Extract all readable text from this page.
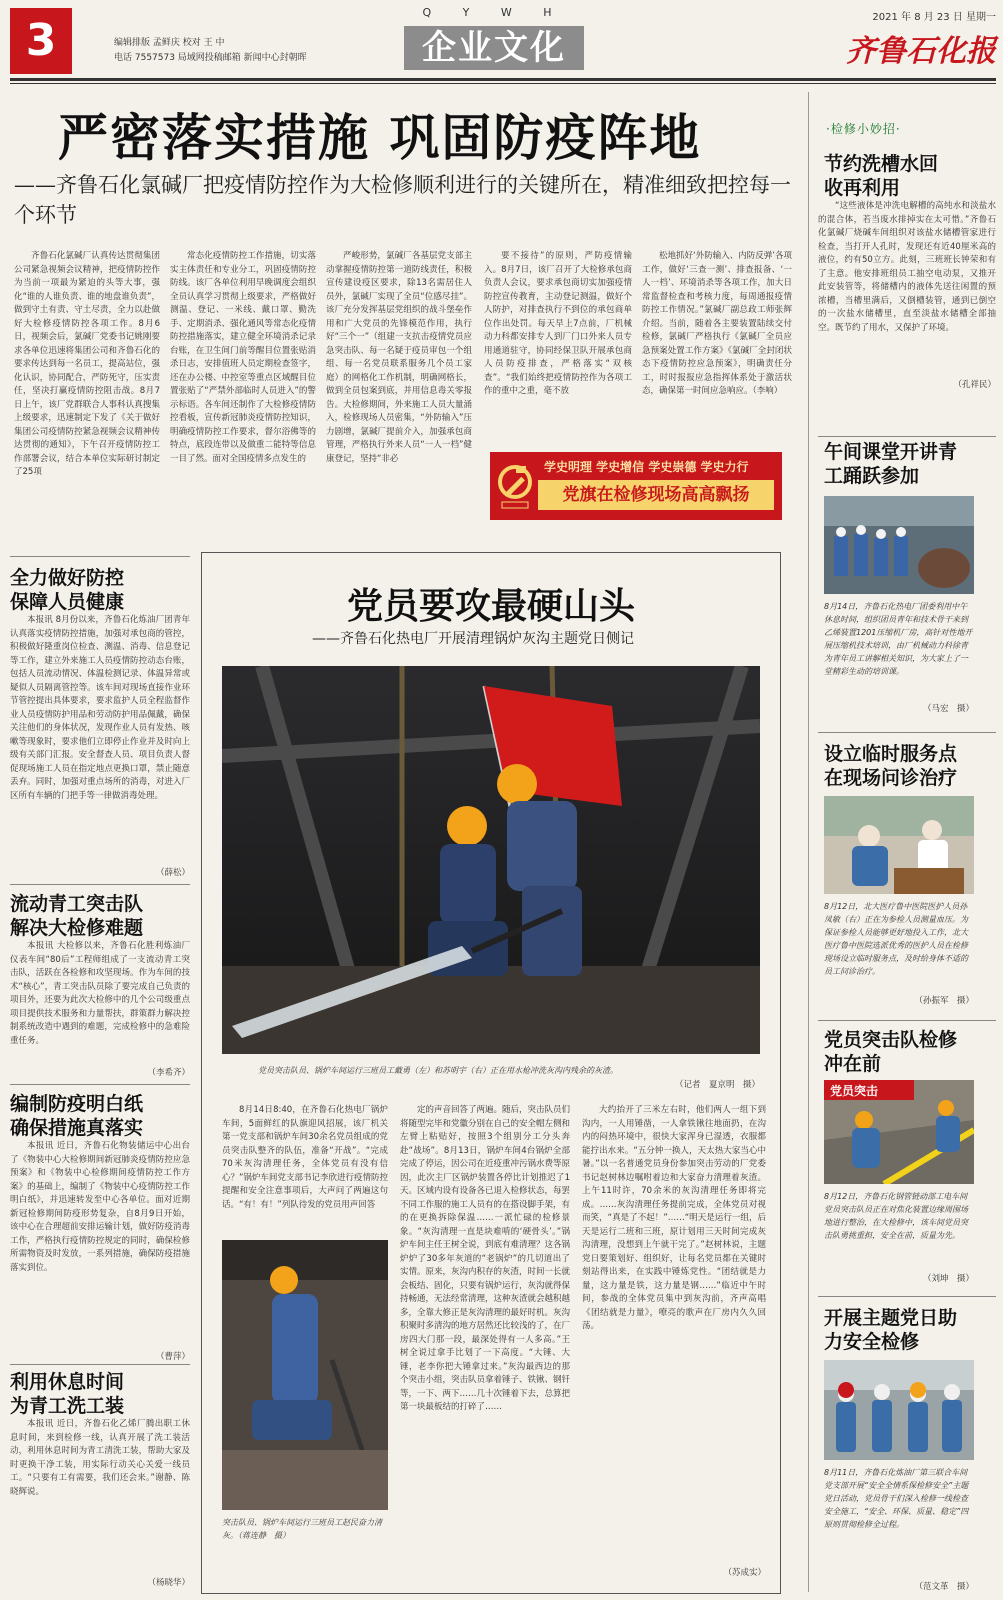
3	编辑排版 孟鲜庆 校对 王 中
电话 7557573 局域网投稿邮箱 新闻中心封朝晖
Q Y W H
企业文化
2021 年 8 月 23 日 星期一
齐鲁石化报
严密落实措施 巩固防疫阵地
——齐鲁石化氯碱厂把疫情防控作为大检修顺利进行的关键所在，精准细致把控每一个环节

齐鲁石化氯碱厂认真传达贯彻集团公司紧急视频会议精神，把疫情防控作为当前一项最为紧迫的头等大事，强化“谁的人谁负责、谁的地盘谁负责”，做到守土有责、守土尽责，全力以赴做好大检修疫情防控各项工作。8月6日，视频会后，氯碱厂党委书记姚刚要求各单位迅速将集团公司和齐鲁石化的要求传达到每一名员工，提高站位，强化认识，协同配合，严防死守，压实责任，坚决打赢疫情防控阻击战。8月7日上午，该厂党群联合人事科认真搜集上级要求，迅速制定下发了《关于做好集团公司疫情防控紧急视频会议精神传达贯彻的通知》，下午召开疫情防控工作部署会议，结合本单位实际研讨制定了25项

常态化疫情防控工作措施，切实落实主体责任和专业分工，巩固疫情防控防线。该厂各单位利用早晚调度会组织全员认真学习贯彻上级要求，严格做好测温、登记、一米线、戴口罩、勤洗手、定期消杀、强化通风等常态化疫情防控措施落实，建立健全环境消杀记录台账，在卫生间门前等醒目位置张贴消杀日志，安排值班人员定期检查签字，还在办公楼、中控室等重点区域醒目位置张贴了“严禁外部临时人员进入”的警示标语。各车间还制作了大检修疫情防控看板，宣传新冠肺炎疫情防控知识，明确疫情防控工作要求，督尔浴佛等的特点，底段连带以及做重二能特等信息一目了然。面对全国疫情多点发生的

严峻形势，氯碱厂各基层党支部主动掌握疫情防控第一道防线责任，积极宣传建设疫区要求，除13名需居住人员外，氯碱厂实现了全员“位感尽挂”。该厂充分发挥基层党组织的战斗堡垒作用和广大党员的先锋模范作用，执行好“三个一”（组建一支抗击疫情党员应急突击队、每一名疑于疫员审包一个组组、每一名党员联系服务几个员工家庭）的网格化工作机制，明确网格长，做到全员包案到底，并用信息毒关零报告。大检修期间，外来施工人员大量涌入，检修现场人员密集，“外防输入”压力剧增，氯碱厂提前介入，加强承包商管理，严格执行外来人员“一人一档”健康登记，坚持“非必

要不接待”的原则，严防疫情输入。8月7日，该厂召开了大检修承包商负责人会议，要求承包商切实加强疫情防控宣传教育，主动登记测温，做好个人防护，对排查执行不到位的承包商单位作出处罚。每天早上7点前，厂机械动力科都安排专人到厂门口外来人员专用通道驻守，协同经保卫队开展承包商人员防疫排查，严格落实“双核查”。“我们始终把疫情防控作为各项工作的重中之重，毫不放

松地抓好‘外防输入、内防反弹’各项工作，做好‘三查一测’、排查报备、‘一人一档’、环境消杀等各项工作，加大日常监督检查和考核力度，每周通报疫情防控工作情况。”氯碱厂副总政工师张辉介绍。当前，随着各主要装置陆续交付检修，氯碱厂严格执行《氯碱厂全员应急预案处置工作方案》《氯碱厂全封闭状态下疫情防控应急预案》，明确责任分工，时时报报应急指挥体系处于激活状态，确保第一时间应急响应。（李响）

学史明理 学史增信 学史崇德 学史力行
党旗在检修现场高高飘扬
全力做好防控保障人员健康

本报讯 8月份以来，齐鲁石化炼油厂团青年认真落实疫情防控措施，加强对承包商的管控，积极做好隆重岗位检查、测温、消毒、信息登记等工作，建立外来施工人员疫情防控动态台账，包括人员流动情况、体温检测记录、体温异常或疑似人员隔离管控等。该车间对现场直接作业环节管控提出具体要求，要求监护人员全程监督作业人员疫情防护用品和劳动防护用品佩戴，确保关注他们的身体状况，发现作业人员有发热、咳嗽等现象时，要求他们立即停止作业并及时向上级有关部门汇报。安全督查人员、项目负责人督促现场施工人员在指定地点更换口罩，禁止随意丢弃。同时，加强对重点场所的消毒，对进入厂区所有车辆的门把手等一律做消毒处理。

（薛松）
流动青工突击队解决大检修难题

本报讯 大检修以来，齐鲁石化胜利炼油厂仪表车间“80后”工程师组成了一支流动青工突击队，活跃在各检修和攻坚现场。作为车间的技术“核心”，青工突击队员除了要完成自己负责的项目外，还要为此次大检修中的几个公司级重点项目提供技术服务和力量帮扶，群策群力解决控制系统改造中遇到的难题，完成检修中的急难险重任务。

（李希齐）
编制防疫明白纸确保措施真落实

本报讯 近日，齐鲁石化物装储运中心出台了《物装中心大检修期间新冠肺炎疫情防控应急预案》和《物装中心检修期间疫情防控工作方案》的基础上，编制了《物装中心疫情防控工作明白纸》，并迅速转发至中心各单位。面对近期新冠检修期间防疫形势复杂，自8月9日开始，该中心在合理超前安排运输计划，做好防疫消毒工作，严格执行疫情防控规定的同时，确保检修所需物资及时发放，一系列措施，确保防疫措施落实到位。

（曹萍）
利用休息时间为青工洗工装

本报讯 近日，齐鲁石化乙烯厂腾出职工休息时间，来到检修一线，认真开展了洗工装活动，利用休息时间为青工清洗工装，帮助大家及时更换干净工装，用实际行动关心关爱一线员工。“只要有工有需要，我们还会来。”谢静、陈晓辉说。

（杨晓华）
党员要攻最硬山头
——齐鲁石化热电厂开展清理锅炉灰沟主题党日侧记
党员突击队员、锅炉车间运行三班员工戴勇（左）和苏明宇（右）正在用水枪冲洗灰沟内残余的灰渣。
（记者　夏京明　摄）

8月14日8:40，在齐鲁石化热电厂锅炉车间，5面鲜红的队旗迎风招展，该厂机关第一党支部和锅炉车间30余名党员组成的党员突击队整齐的队伍，准备“开战”。“完成70米灰沟清理任务，全体党员有没有信心？”锅炉车间党支部书记李欣进行疫情防控提醒和安全注意事项后，大声问了两遍这句话。“有！有！”列队待发的党员用声回答

突击队员、锅炉车间运行三班员工赵民奋力清灰。（蒋连静　摄）

定的声音回答了两遍。随后，突击队员们将随型完毕和党徽分别在自己的安全帽左侧和左臂上粘贴好，按照3个组别分工分头奔赴“战场”。8月13日，锅炉车间4台锅炉全部完成了停运，因公司在近疫重冲污锅水费等原因，此次主厂区锅炉装置各停比计划推迟了1天。区域内设有设备各已退入检修状态，每罢不同工作服的施工人员有的在搭设脚手架，有的在更换拆除保温……一派忙碌的检修景象。“灰沟清理一直是块难啃的‘硬骨头’。”锅炉车间主任王树全说，到底有难清理？这各锅炉炉了30多年灰道的“老锅炉”的几切道出了实情。原来，灰沟内积存的灰渣，时间一长就会板结、固化，只要有锅炉运行，灰沟就得保持畅通，无法经常清理，这种灰渣就会越积越多，全靠大修正是灰沟清理的最好时机。灰沟积聚时多清沟的地方居然还比较浅的了，在厂房四大门那一段，最深处得有一人多高。”王树全说过拿手比划了一下高度。“大锤、大锤，老李你把大锤拿过来。”灰沟最西边的那个突击小组，突击队员拿着锤子、铁锹、钢钎等，一下、两下……几十次锤着下去，总算把第一块最板结的打碎了……

大约抬开了三米左右时，他们两人一组下到沟内，一人用锤凿，一人拿铁锹往地面扔，在沟内的闷热环境中，很快大家浑身已湿透，衣服都能拧出水来。“五分钟一换人，天太热大家当心中暑。”以一名普通党员身份参加突击劳动的厂党委书记赵树林边嘱咐着边和大家奋力清理着灰渣。上午11时许，70余米的灰沟清理任务即将完成。……灰沟清理任务提前完成，全体党员对视而笑，“真是了不起！”……“明天是运行一组，后天是运行二班和三班，原计划用三天时间完成灰沟清理，没想到上午就干完了。”赵树林说，主题党日要策划好、组织好，让每名党员都在关键时刻站得出来，在实践中锤炼党性。“团结就是力量，这力量是铁，这力量是钢……”临近中午时间，参战的全体党员集中到灰沟前，齐声高唱《团结就是力量》，嘹亮的歌声在厂房内久久回荡。

（苏成实）
·检修小妙招·
节约洗槽水回收再利用

“这些液体是冲洗电解槽的高纯水和淡盐水的混合体，若当废水排掉实在太可惜。”齐鲁石化氯碱厂烧碱车间组织对该盐水储槽管家进行检查，当打开人孔时，发现还有近40厘米高的液位，约有50立方。此刻，三班班长钟荣和有了主意。他安排班组员工抽空电动泵，又推开此安装管等，将储槽内的液体先送往闲置的预浓槽，当槽里满后，又倒槽装管，通到已倒空的一次盐水储槽里，直至淡盐水储槽全部抽空。既节约了用水，又保护了环境。

（孔祥民）
午间课堂开讲青工踊跃参加
8月14日，齐鲁石化热电厂团委利用中午休息时间，组织团员青年和技术骨干来到乙烯装置1201压缩机厂房，高针对性地开展压缩机技术培训，由厂机械动力科徐青为青年员工讲解相关知识，为大家上了一堂精彩生动的培训课。
（马宏　摄）
设立临时服务点在现场问诊治疗
8月12日，北大医疗鲁中医院医护人员孙凤敏（右）正在为参检人员测量血压。为保证参检人员能够更好地投入工作，北大医疗鲁中医院选派优秀的医护人员在检修现场设立临时服务点，及时给身体不适的员工问诊治疗。
（孙振军　摄）
党员突击队检修冲在前
党员突击
8月12日，齐鲁石化钢管链动部工电车间党员突击队员正在对焦化装置边缘周围场地进行整治，在大检修中，该车间党员突击队勇挑重担，安全在前，质量为先。
（刘坤　摄）
开展主题党日助力安全检修
8月11日，齐鲁石化炼油厂第三联合车间党支部开展“安全全情系保检修安全”主题党日活动，党员骨干们深入检修一线检查安全施工，“安全、环保、质量、稳定”四原则贯彻检修全过程。
（范文革　摄）
